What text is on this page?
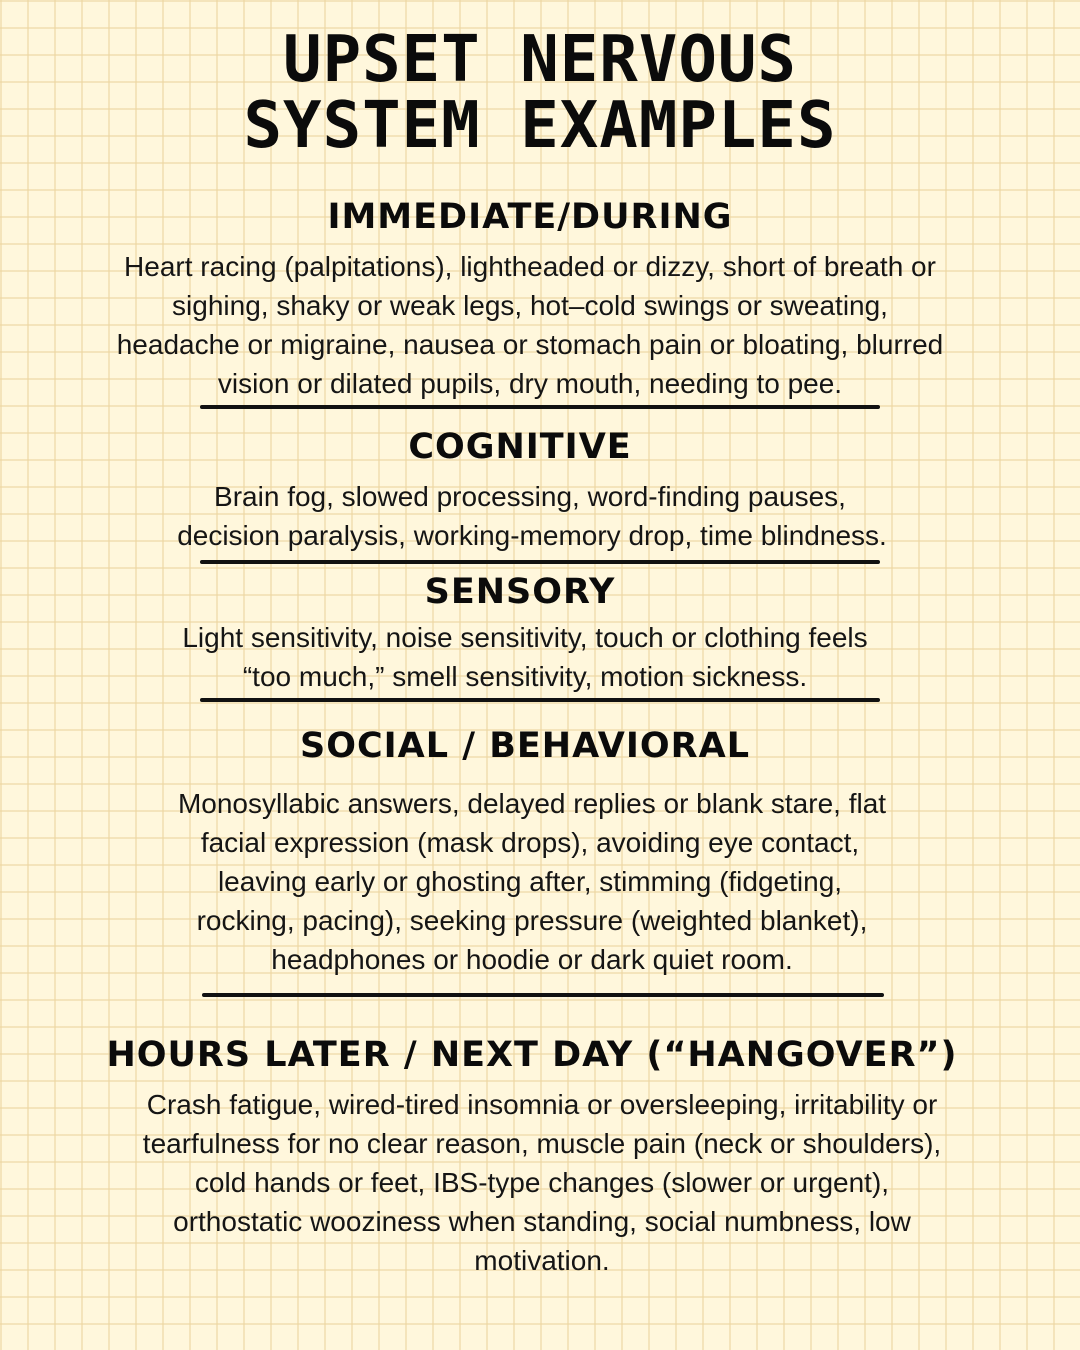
UPSET NERVOUS
SYSTEM EXAMPLES
IMMEDIATE/DURING
Heart racing (palpitations), lightheaded or dizzy, short of breath or
sighing, shaky or weak legs, hot–cold swings or sweating,
headache or migraine, nausea or stomach pain or bloating, blurred
vision or dilated pupils, dry mouth, needing to pee.
COGNITIVE
Brain fog, slowed processing, word-finding pauses,
decision paralysis, working-memory drop, time blindness.
SENSORY
Light sensitivity, noise sensitivity, touch or clothing feels
“too much,” smell sensitivity, motion sickness.
SOCIAL / BEHAVIORAL
Monosyllabic answers, delayed replies or blank stare, flat
facial expression (mask drops), avoiding eye contact,
leaving early or ghosting after, stimming (fidgeting,
rocking, pacing), seeking pressure (weighted blanket),
headphones or hoodie or dark quiet room.
HOURS LATER / NEXT DAY (“HANGOVER”)
Crash fatigue, wired-tired insomnia or oversleeping, irritability or
tearfulness for no clear reason, muscle pain (neck or shoulders),
cold hands or feet, IBS-type changes (slower or urgent),
orthostatic wooziness when standing, social numbness, low
motivation.
